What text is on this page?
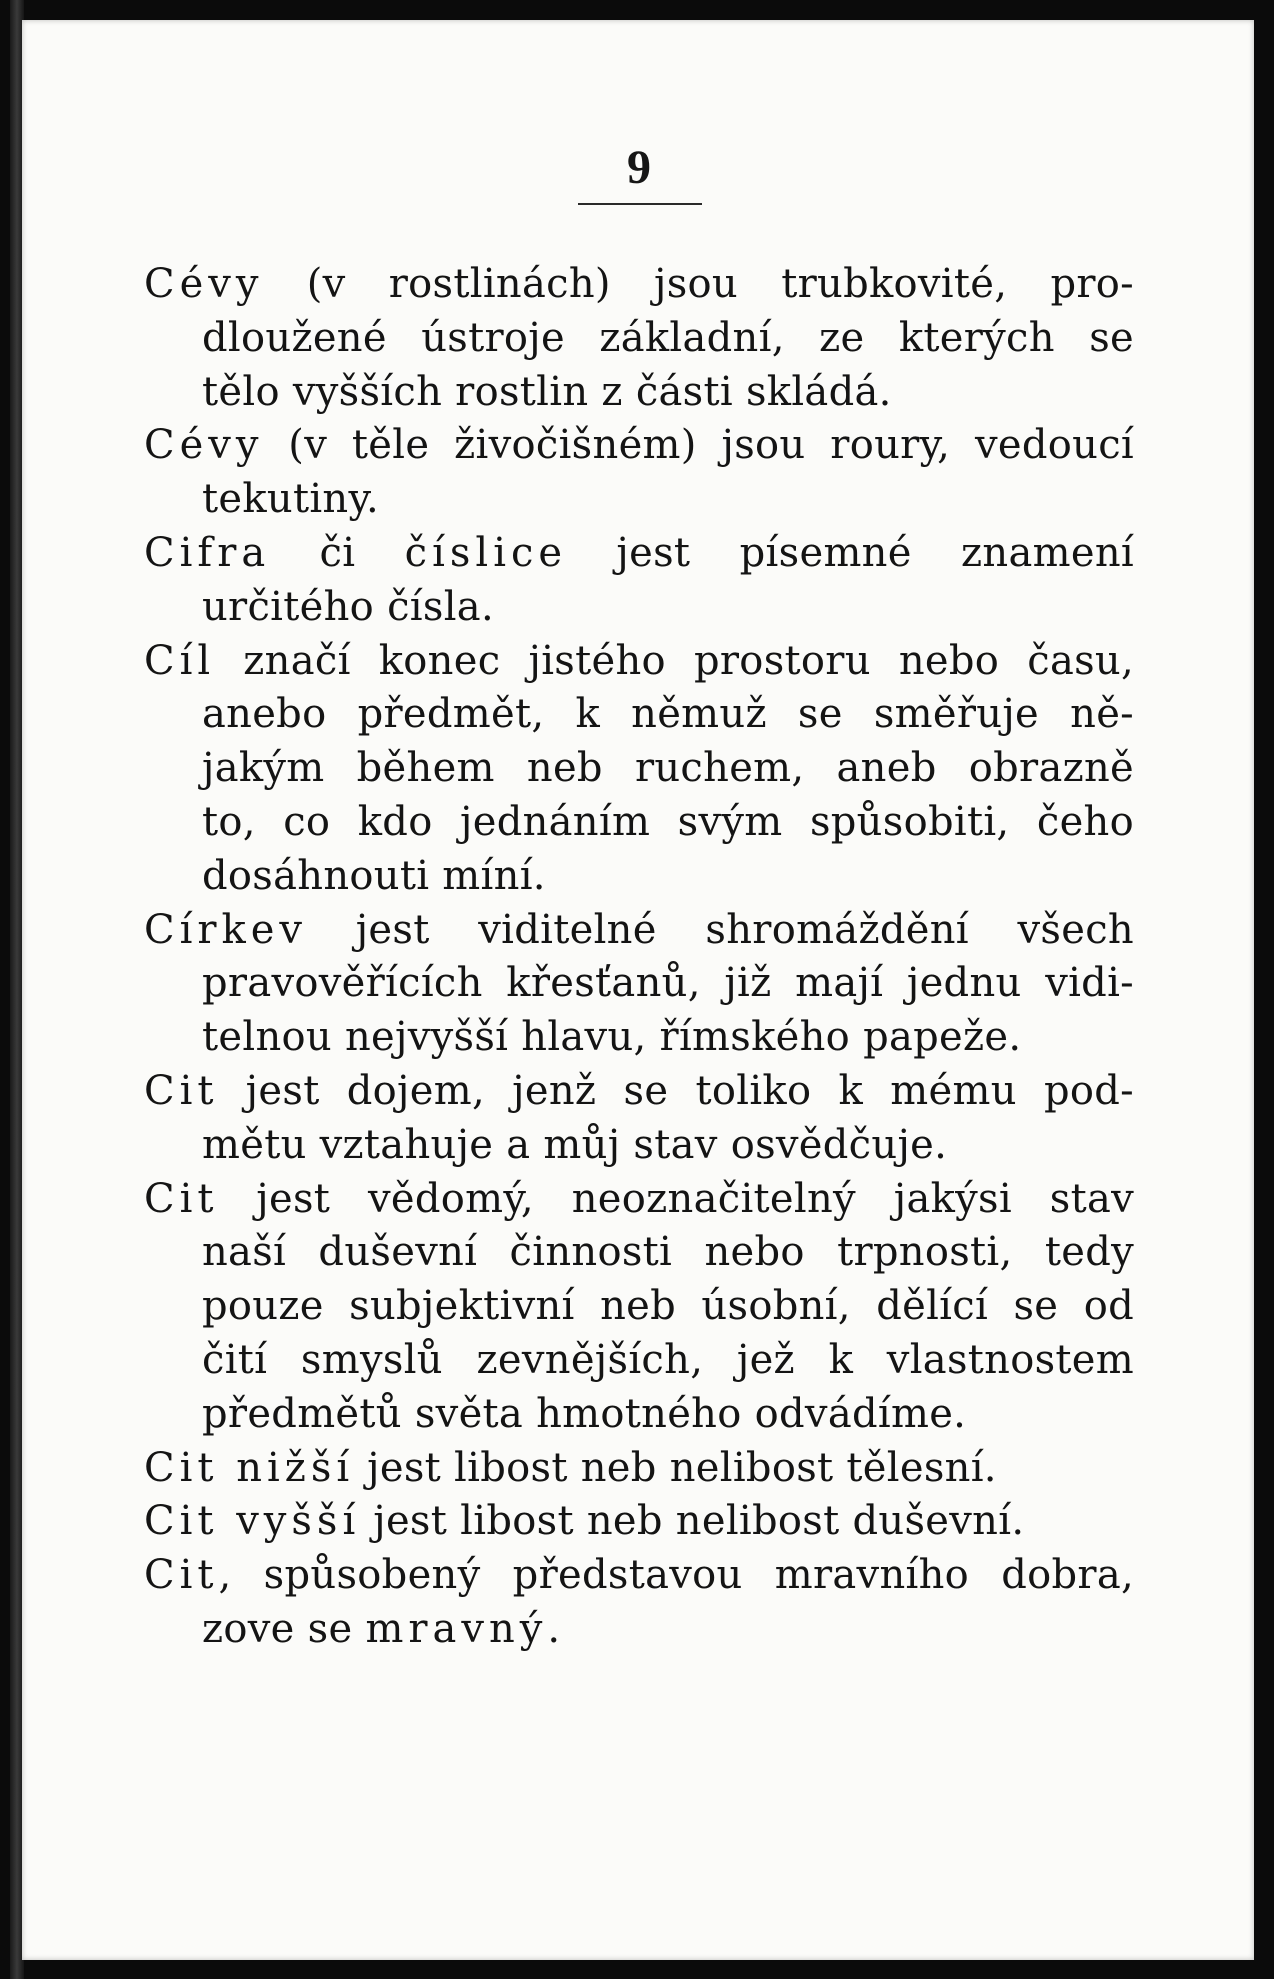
9
Cévy (v rostlinách) jsou trubkovité, pro-
dloužené ústroje základní, ze kterých se
tělo vyšších rostlin z části skládá.
Cévy (v těle živočišném) jsou roury, vedoucí
tekutiny.
Cifra či číslice jest písemné znamení
určitého čísla.
Cíl značí konec jistého prostoru nebo času,
anebo předmět, k němuž se směřuje ně-
jakým během neb ruchem, aneb obrazně
to, co kdo jednáním svým spůsobiti, čeho
dosáhnouti míní.
Církev jest viditelné shromáždění všech
pravověřících křesťanů, již mají jednu vidi-
telnou nejvyšší hlavu, římského papeže.
Cit jest dojem, jenž se toliko k mému pod-
mětu vztahuje a můj stav osvědčuje.
Cit jest vědomý, neoznačitelný jakýsi stav
naší duševní činnosti nebo trpnosti, tedy
pouze subjektivní neb úsobní, dělící se od
čití smyslů zevnějších, jež k vlastnostem
předmětů světa hmotného odvádíme.
Cit nižší jest libost neb nelibost tělesní.
Cit vyšší jest libost neb nelibost duševní.
Cit, spůsobený představou mravního dobra,
zove se mravný.
